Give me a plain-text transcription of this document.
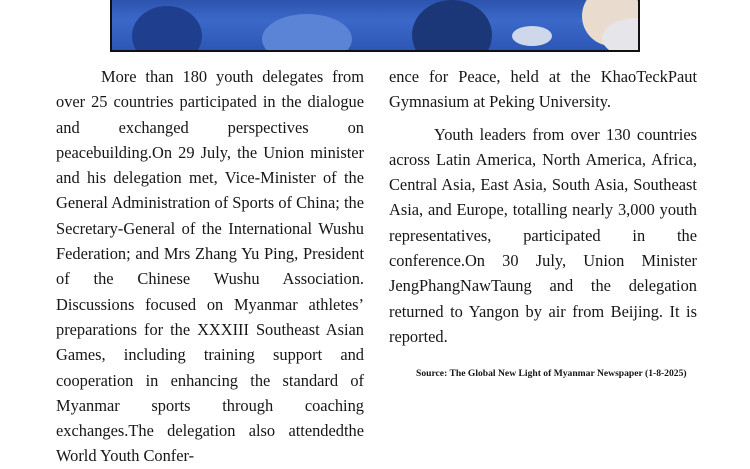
More than 180 youth delegates from over 25 countries participated in the dialogue and exchanged perspectives on peacebuilding.On 29 July, the Union minister and his delegation met, Vice-Minister of the General Administration of Sports of China; the Secretary-General of the International Wushu Federation; and Mrs Zhang Yu Ping, President of the Chinese Wushu Association. Discussions focused on Myanmar athletes’ preparations for the XXXIII Southeast Asian Games, including training support and cooperation in enhancing the standard of Myanmar sports through coaching exchanges.The delegation also attendedthe World Youth Confer-

ence for Peace, held at the KhaoTeckPaut Gymnasium at Peking University.

Youth leaders from over 130 countries across Latin America, North America, Africa, Central Asia, East Asia, South Asia, Southeast Asia, and Europe, totalling nearly 3,000 youth representatives, participated in the conference.On 30 July, Union Minister JengPhangNawTaung and the delegation returned to Yangon by air from Beijing. It is reported.

Source: The Global New Light of Myanmar Newspaper (1-8-2025)
